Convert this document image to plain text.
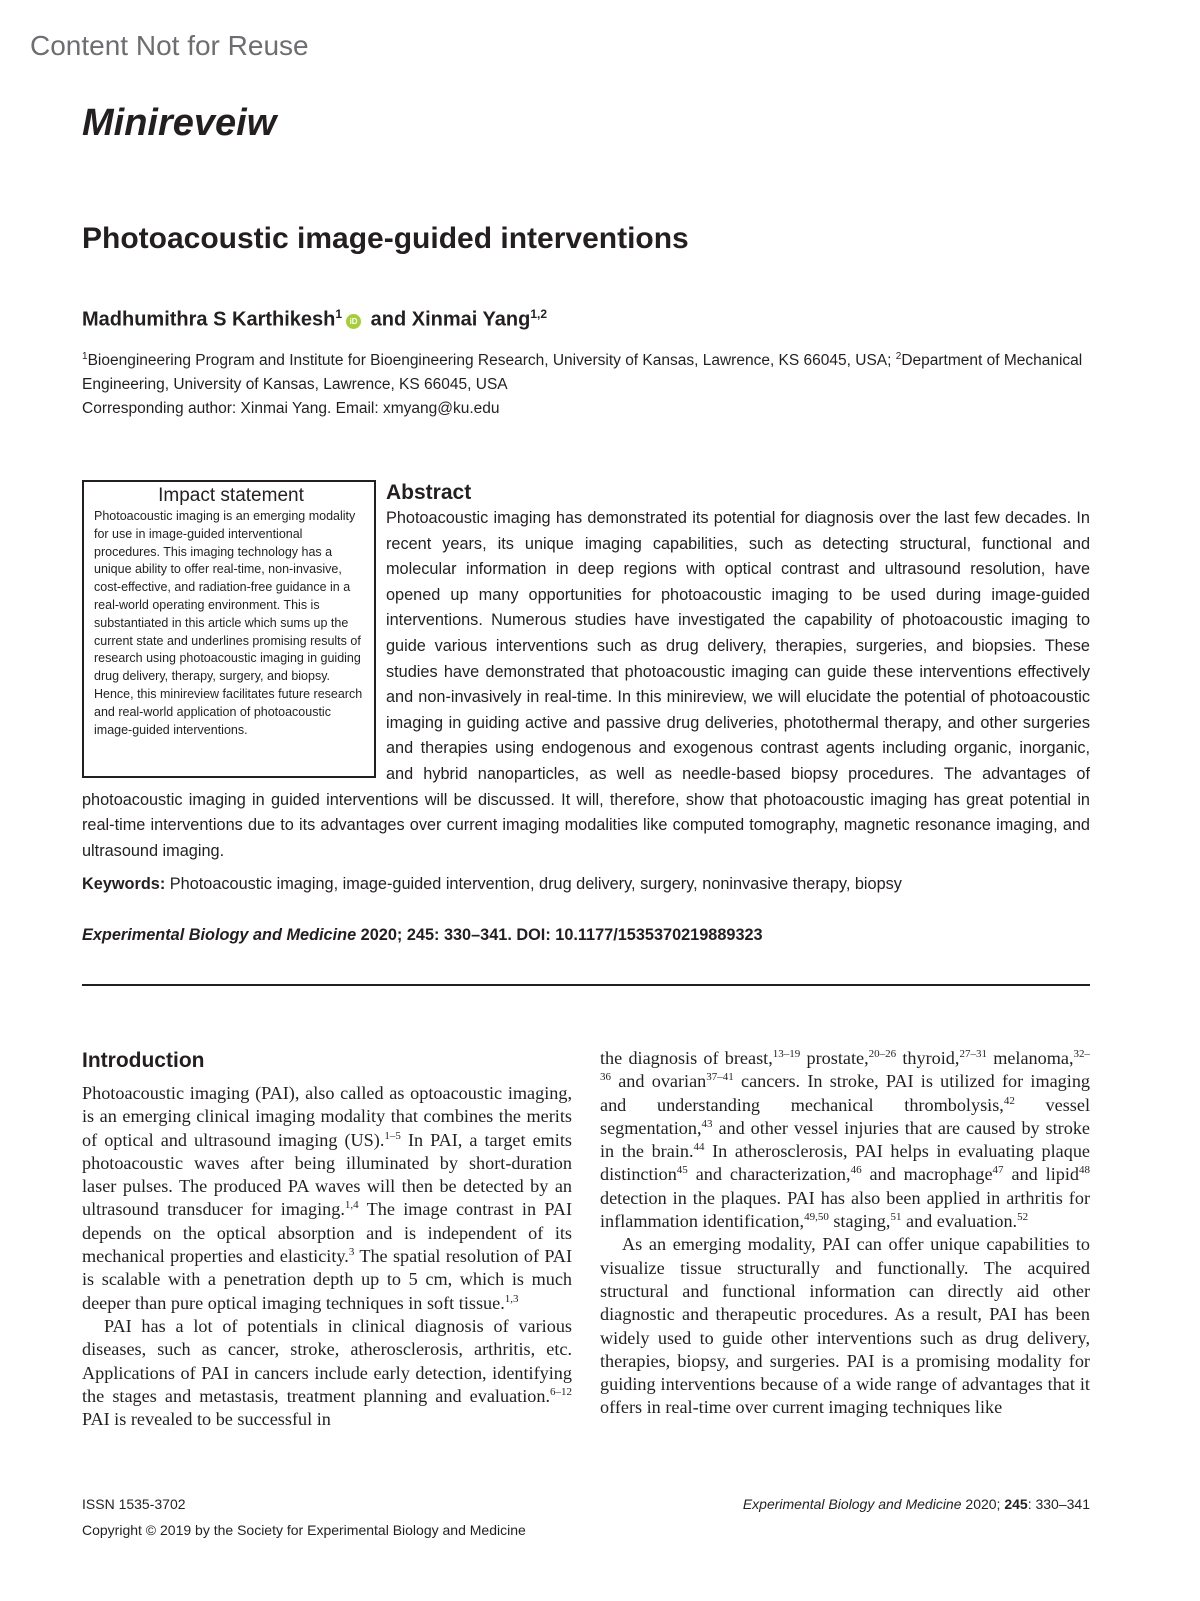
Content Not for Reuse
Minireveiw
Photoacoustic image-guided interventions
Madhumithra S Karthikesh$^1$iD and Xinmai Yang$^{1,2}$
$^1$Bioengineering Program and Institute for Bioengineering Research, University of Kansas, Lawrence, KS 66045, USA; $^2$Department of Mechanical Engineering, University of Kansas, Lawrence, KS 66045, USA
Corresponding author: Xinmai Yang. Email: xmyang@ku.edu
Impact statement

Photoacoustic imaging is an emerging modality for use in image-guided interventional procedures. This imaging technology has a unique ability to offer real-time, non-invasive, cost-effective, and radiation-free guidance in a real-world operating environment. This is substantiated in this article which sums up the current state and underlines promising results of research using photoacoustic imaging in guiding drug delivery, therapy, surgery, and biopsy. Hence, this minireview facilitates future research and real-world application of photoacoustic image-guided interventions.

Abstract

Photoacoustic imaging has demonstrated its potential for diagnosis over the last few decades. In recent years, its unique imaging capabilities, such as detecting structural, functional and molecular information in deep regions with optical contrast and ultrasound resolution, have opened up many opportunities for photoacoustic imaging to be used during image-guided interventions. Numerous studies have investigated the capability of photoacoustic imaging to guide various interventions such as drug delivery, therapies, surgeries, and biopsies. These studies have demonstrated that photoacoustic imaging can guide these interventions effectively and non-invasively in real-time. In this minireview, we will elucidate the potential of photoacoustic imaging in guiding active and passive drug deliveries, photothermal therapy, and other surgeries and therapies using endogenous and exogenous contrast agents including organic, inorganic, and hybrid nanoparticles, as well as needle-based biopsy procedures. The advantages of photoacoustic imaging in guided interventions will be discussed. It will, therefore, show that photoacoustic imaging has great potential in real-time interventions due to its advantages over current imaging modalities like computed tomography, magnetic resonance imaging, and ultrasound imaging.

Keywords: Photoacoustic imaging, image-guided intervention, drug delivery, surgery, noninvasive therapy, biopsy
Experimental Biology and Medicine 2020; 245: 330–341. DOI: 10.1177/1535370219889323
Introduction

Photoacoustic imaging (PAI), also called as optoacoustic imaging, is an emerging clinical imaging modality that combines the merits of optical and ultrasound imaging (US).$^{1-5}$ In PAI, a target emits photoacoustic waves after being illuminated by short-duration laser pulses. The produced PA waves will then be detected by an ultrasound transducer for imaging.$^{1,4}$ The image contrast in PAI depends on the optical absorption and is independent of its mechanical properties and elasticity.$^3$ The spatial resolution of PAI is scalable with a penetration depth up to 5 cm, which is much deeper than pure optical imaging techniques in soft tissue.$^{1,3}$

PAI has a lot of potentials in clinical diagnosis of various diseases, such as cancer, stroke, atherosclerosis, arthritis, etc. Applications of PAI in cancers include early detection, identifying the stages and metastasis, treatment planning and evaluation.$^{6-12}$ PAI is revealed to be successful in

the diagnosis of breast,$^{13-19}$ prostate,$^{20-26}$ thyroid,$^{27-31}$ melanoma,$^{32-36}$ and ovarian$^{37-41}$ cancers. In stroke, PAI is utilized for imaging and understanding mechanical thrombolysis,$^{42}$ vessel segmentation,$^{43}$ and other vessel injuries that are caused by stroke in the brain.$^{44}$ In atherosclerosis, PAI helps in evaluating plaque distinction$^{45}$ and characterization,$^{46}$ and macrophage$^{47}$ and lipid$^{48}$ detection in the plaques. PAI has also been applied in arthritis for inflammation identification,$^{49,50}$ staging,$^{51}$ and evaluation.$^{52}$

As an emerging modality, PAI can offer unique capabilities to visualize tissue structurally and functionally. The acquired structural and functional information can directly aid other diagnostic and therapeutic procedures. As a result, PAI has been widely used to guide other interventions such as drug delivery, therapies, biopsy, and surgeries. PAI is a promising modality for guiding interventions because of a wide range of advantages that it offers in real-time over current imaging techniques like

ISSN 1535-3702
Copyright © 2019 by the Society for Experimental Biology and Medicine
Experimental Biology and Medicine 2020; 245: 330–341
